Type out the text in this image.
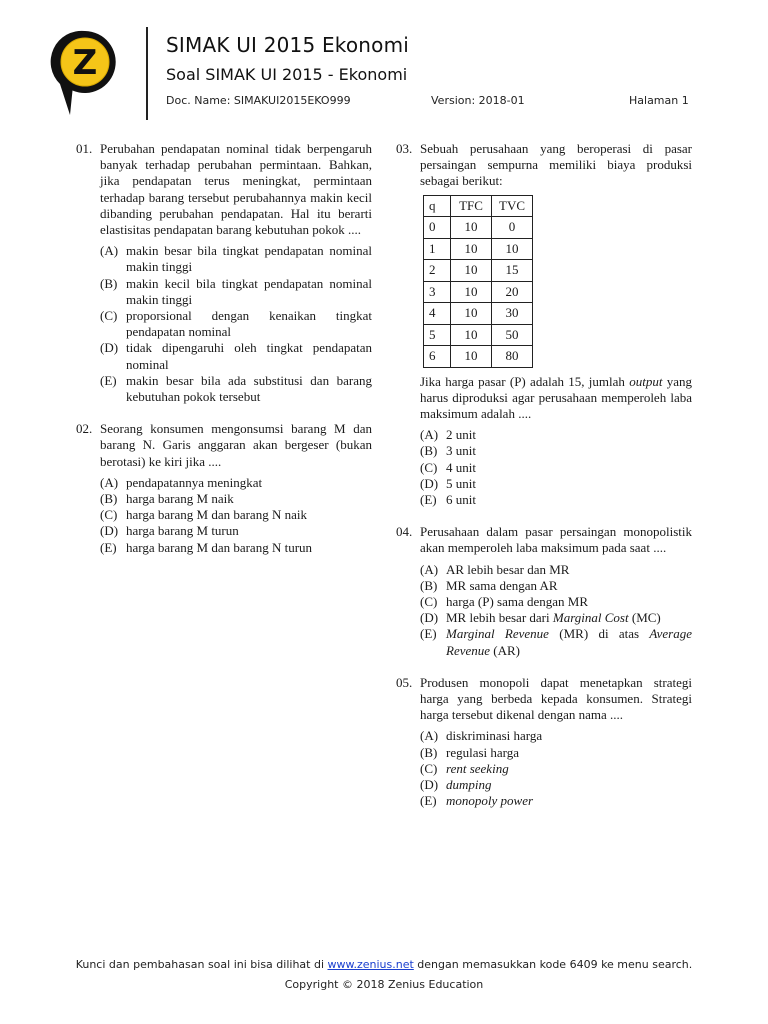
Z	SIMAK UI 2015 Ekonomi
Soal SIMAK UI 2015 - Ekonomi
Doc. Name: SIMAKUI2015EKO999	Version: 2018-01	Halaman 1
01. Perubahan pendapatan nominal tidak berpengaruh banyak terhadap perubahan permintaan. Bahkan, jika pendapatan terus meningkat, permintaan terhadap barang tersebut perubahannya makin kecil dibanding perubahan pendapatan. Hal itu berarti elastisitas pendapatan barang kebutuhan pokok ....
(A) makin besar bila tingkat pendapatan nominal makin tinggi
(B) makin kecil bila tingkat pendapatan nominal makin tinggi
(C) proporsional dengan kenaikan tingkat pendapatan nominal
(D) tidak dipengaruhi oleh tingkat pendapatan nominal
(E) makin besar bila ada substitusi dan barang kebutuhan pokok tersebut
02. Seorang konsumen mengonsumsi barang M dan barang N. Garis anggaran akan bergeser (bukan berotasi) ke kiri jika ....
(A) pendapatannya meningkat
(B) harga barang M naik
(C) harga barang M dan barang N naik
(D) harga barang M turun
(E) harga barang M dan barang N turun
03. Sebuah perusahaan yang beroperasi di pasar persaingan sempurna memiliki biaya produksi sebagai berikut:
q	TFC	TVC
0	10	0
1	10	10
2	10	15
3	10	20
4	10	30
5	10	50
6	10	80
Jika harga pasar (P) adalah 15, jumlah output yang harus diproduksi agar perusahaan memperoleh laba maksimum adalah ....
(A) 2 unit
(B) 3 unit
(C) 4 unit
(D) 5 unit
(E) 6 unit
04. Perusahaan dalam pasar persaingan monopolistik akan memperoleh laba maksimum pada saat ....
(A) AR lebih besar dan MR
(B) MR sama dengan AR
(C) harga (P) sama dengan MR
(D) MR lebih besar dari Marginal Cost (MC)
(E) Marginal Revenue (MR) di atas Average Revenue (AR)
05. Produsen monopoli dapat menetapkan strategi harga yang berbeda kepada konsumen. Strategi harga tersebut dikenal dengan nama ....
(A) diskriminasi harga
(B) regulasi harga
(C) rent seeking
(D) dumping
(E) monopoly power
Kunci dan pembahasan soal ini bisa dilihat di www.zenius.net dengan memasukkan kode 6409 ke menu search.
Copyright © 2018 Zenius Education
